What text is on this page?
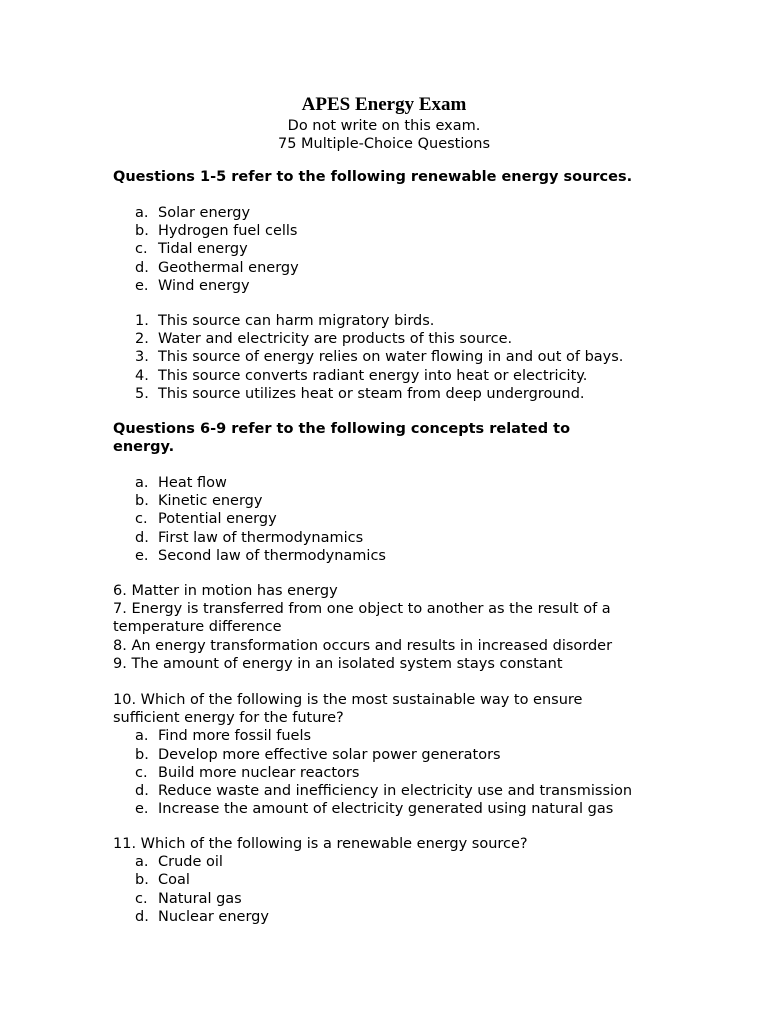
APES Energy Exam
Do not write on this exam.
75 Multiple-Choice Questions
Questions 1-5 refer to the following renewable energy sources.
a. Solar energy
b. Hydrogen fuel cells
c. Tidal energy
d. Geothermal energy
e. Wind energy
1. This source can harm migratory birds.
2. Water and electricity are products of this source.
3. This source of energy relies on water flowing in and out of bays.
4. This source converts radiant energy into heat or electricity.
5. This source utilizes heat or steam from deep underground.
Questions 6-9 refer to the following concepts related to
energy.
a. Heat flow
b. Kinetic energy
c. Potential energy
d. First law of thermodynamics
e. Second law of thermodynamics
6. Matter in motion has energy
7. Energy is transferred from one object to another as the result of a
temperature difference
8. An energy transformation occurs and results in increased disorder
9. The amount of energy in an isolated system stays constant
10. Which of the following is the most sustainable way to ensure
sufficient energy for the future?
a. Find more fossil fuels
b. Develop more effective solar power generators
c. Build more nuclear reactors
d. Reduce waste and inefficiency in electricity use and transmission
e. Increase the amount of electricity generated using natural gas
11. Which of the following is a renewable energy source?
a. Crude oil
b. Coal
c. Natural gas
d. Nuclear energy
